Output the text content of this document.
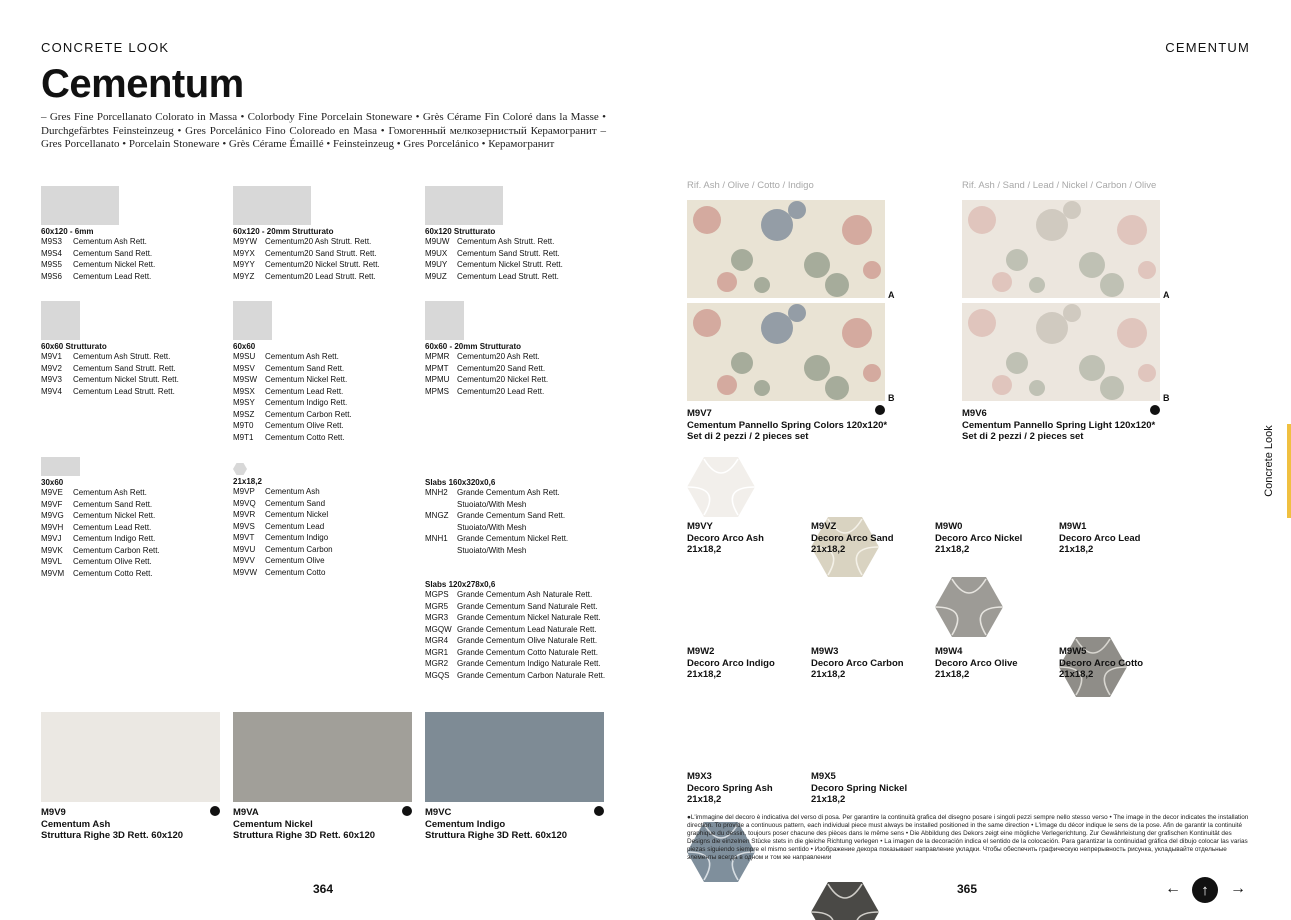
CONCRETE LOOK	CEMENTUM
Cementum
– Gres Fine Porcellanato Colorato in Massa • Colorbody Fine Porcelain Stoneware • Grès Cérame Fin Coloré dans la Masse • Durchgefärbtes Feinsteinzeug • Gres Porcelánico Fino Coloreado en Masa • Гомогенный мелкозернистый Керамогранит – Gres Porcellanato • Porcelain Stoneware • Grès Cérame Émaillé • Feinsteinzeug • Gres Porcelánico • Керамогранит
60x120 - 6mm
M9S3	Cementum Ash Rett.
M9S4	Cementum Sand Rett.
M9S5	Cementum Nickel Rett.
M9S6	Cementum Lead Rett.
60x120 - 20mm Strutturato
M9YW	Cementum20 Ash Strutt. Rett.
M9YX	Cementum20 Sand Strutt. Rett.
M9YY	Cementum20 Nickel Strutt. Rett.
M9YZ	Cementum20 Lead Strutt. Rett.
60x120 Strutturato
M9UW Cementum Ash Strutt. Rett.
M9UX	Cementum Sand Strutt. Rett.
M9UY	Cementum Nickel Strutt. Rett.
M9UZ	Cementum Lead Strutt. Rett.
60x60 Strutturato
M9V1	Cementum Ash Strutt. Rett.
M9V2	Cementum Sand Strutt. Rett.
M9V3	Cementum Nickel Strutt. Rett.
M9V4	Cementum Lead Strutt. Rett.
60x60
M9SU	Cementum Ash Rett.
M9SV	Cementum Sand Rett.
M9SW	Cementum Nickel Rett.
M9SX	Cementum Lead Rett.
M9SY	Cementum Indigo Rett.
M9SZ	Cementum Carbon Rett.
M9T0	Cementum Olive Rett.
M9T1	Cementum Cotto Rett.
60x60 - 20mm Strutturato
MPMR Cementum20 Ash Rett.
MPMT	Cementum20 Sand Rett.
MPMU Cementum20 Nickel Rett.
MPMS	Cementum20 Lead Rett.
30x60
M9VE	Cementum Ash Rett.
M9VF	Cementum Sand Rett.
M9VG	Cementum Nickel Rett.
M9VH	Cementum Lead Rett.
M9VJ	Cementum Indigo Rett.
M9VK	Cementum Carbon Rett.
M9VL	Cementum Olive Rett.
M9VM	Cementum Cotto Rett.
21x18,2
M9VP	Cementum Ash
M9VQ	Cementum Sand
M9VR	Cementum Nickel
M9VS	Cementum Lead
M9VT	Cementum Indigo
M9VU	Cementum Carbon
M9VV	Cementum Olive
M9VW	Cementum Cotto
Slabs 160x320x0,6
MNH2	Grande Cementum Ash Rett.
Stuoiato/With Mesh
MNGZ	Grande Cementum Sand Rett.
Stuoiato/With Mesh
MNH1	Grande Cementum Nickel Rett.
Stuoiato/With Mesh
Slabs 120x278x0,6
MGPS	Grande Cementum Ash Naturale Rett.
MGR5	Grande Cementum Sand Naturale Rett.
MGR3	Grande Cementum Nickel Naturale Rett.
MGQW Grande Cementum Lead Naturale Rett.
MGR4	Grande Cementum Olive Naturale Rett.
MGR1	Grande Cementum Cotto Naturale Rett.
MGR2	Grande Cementum Indigo Naturale Rett.
MGQS Grande Cementum Carbon Naturale Rett.
M9V9
Cementum Ash
Struttura Righe 3D Rett. 60x120
M9VA
Cementum Nickel
Struttura Righe 3D Rett. 60x120
M9VC
Cementum Indigo
Struttura Righe 3D Rett. 60x120
Rif. Ash / Olive / Cotto / Indigo
A
B
M9V7
Cementum Pannello Spring Colors 120x120*
Set di 2 pezzi / 2 pieces set
Rif. Ash / Sand / Lead / Nickel / Carbon / Olive
A
B
M9V6
Cementum Pannello Spring Light 120x120*
Set di 2 pezzi / 2 pieces set
M9VY
Decoro Arco Ash
21x18,2
M9VZ
Decoro Arco Sand
21x18,2
M9W0
Decoro Arco Nickel
21x18,2
M9W1
Decoro Arco Lead
21x18,2
M9W2
Decoro Arco Indigo
21x18,2
M9W3
Decoro Arco Carbon
21x18,2
M9W4
Decoro Arco Olive
21x18,2
M9W5
Decoro Arco Cotto
21x18,2
M9X3
Decoro Spring Ash
21x18,2
M9X5
Decoro Spring Nickel
21x18,2
●L'immagine del decoro è indicativa del verso di posa. Per garantire la continuità grafica del disegno posare i singoli pezzi sempre nello stesso verso • The image in the decor indicates the installation direction. To provide a continuous pattern, each individual piece must always be installed positioned in the same direction • L'image du décor indique le sens de la pose. Afin de garantir la continuité graphique du dessin, toujours poser chacune des pièces dans le même sens • Die Abbildung des Dekors zeigt eine mögliche Verlegerichtung. Zur Gewährleistung der grafischen Kontinuität des Designs die einzelnen Stücke stets in die gleiche Richtung verlegen • La imagen de la decoración indica el sentido de la colocación. Para garantizar la continuidad gráfica del dibujo colocar las varias piezas siguiendo siempre el mismo sentido • Изображение декора показывает направление укладки. Чтобы обеспечить графическую непрерывность рисунка, укладывайте отдельные элементы всегда в одном и том же направлении
364	365
Concrete Look
← ↑ →
